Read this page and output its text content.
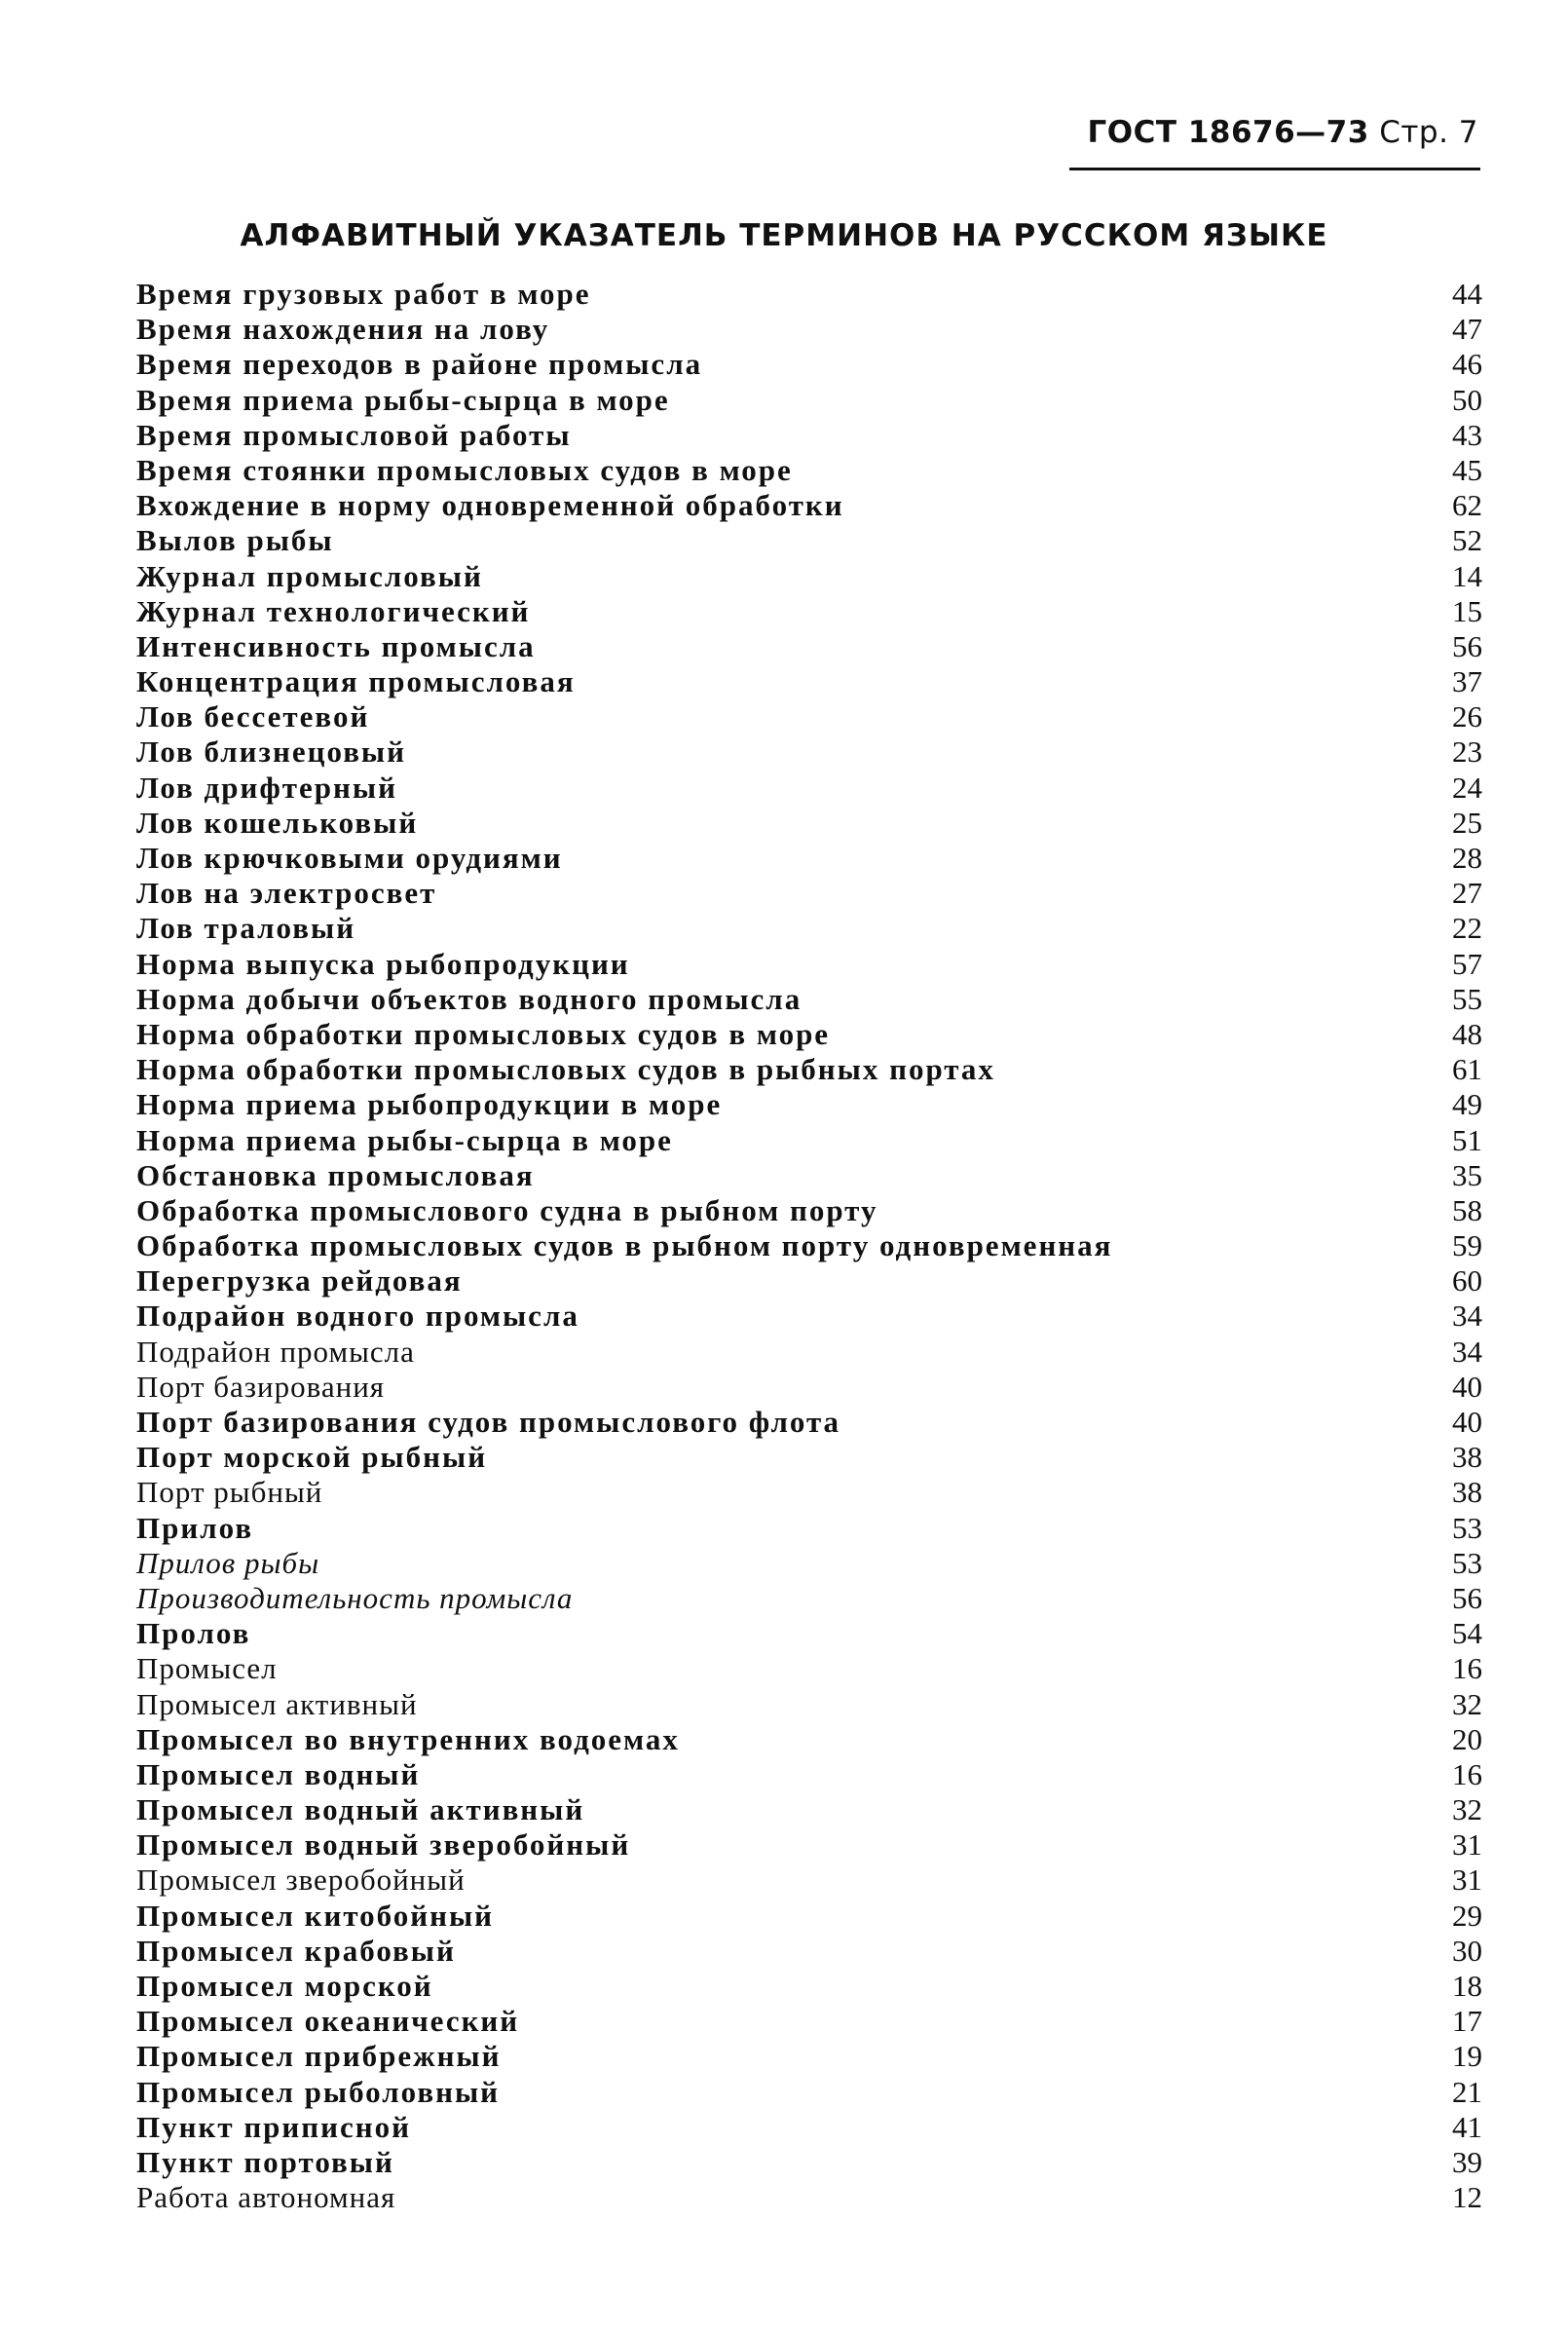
ГОСТ 18676—73 Стр. 7
АЛФАВИТНЫЙ УКАЗАТЕЛЬ ТЕРМИНОВ НА РУССКОМ ЯЗЫКЕ
Время грузовых работ в море	44
Время нахождения на лову	47
Время переходов в районе промысла	46
Время приема рыбы-сырца в море	50
Время промысловой работы	43
Время стоянки промысловых судов в море	45
Вхождение в норму одновременной обработки	62
Вылов рыбы	52
Журнал промысловый	14
Журнал технологический	15
Интенсивность промысла	56
Концентрация промысловая	37
Лов бессетевой	26
Лов близнецовый	23
Лов дрифтерный	24
Лов кошельковый	25
Лов крючковыми орудиями	28
Лов на электросвет	27
Лов траловый	22
Норма выпуска рыбопродукции	57
Норма добычи объектов водного промысла	55
Норма обработки промысловых судов в море	48
Норма обработки промысловых судов в рыбных портах	61
Норма приема рыбопродукции в море	49
Норма приема рыбы-сырца в море	51
Обстановка промысловая	35
Обработка промыслового судна в рыбном порту	58
Обработка промысловых судов в рыбном порту одновременная	59
Перегрузка рейдовая	60
Подрайон водного промысла	34
Подрайон промысла	34
Порт базирования	40
Порт базирования судов промыслового флота	40
Порт морской рыбный	38
Порт рыбный	38
Прилов	53
Прилов рыбы	53
Производительность промысла	56
Пролов	54
Промысел	16
Промысел активный	32
Промысел во внутренних водоемах	20
Промысел водный	16
Промысел водный активный	32
Промысел водный зверобойный	31
Промысел зверобойный	31
Промысел китобойный	29
Промысел крабовый	30
Промысел морской	18
Промысел океанический	17
Промысел прибрежный	19
Промысел рыболовный	21
Пункт приписной	41
Пункт портовый	39
Работа автономная	12
